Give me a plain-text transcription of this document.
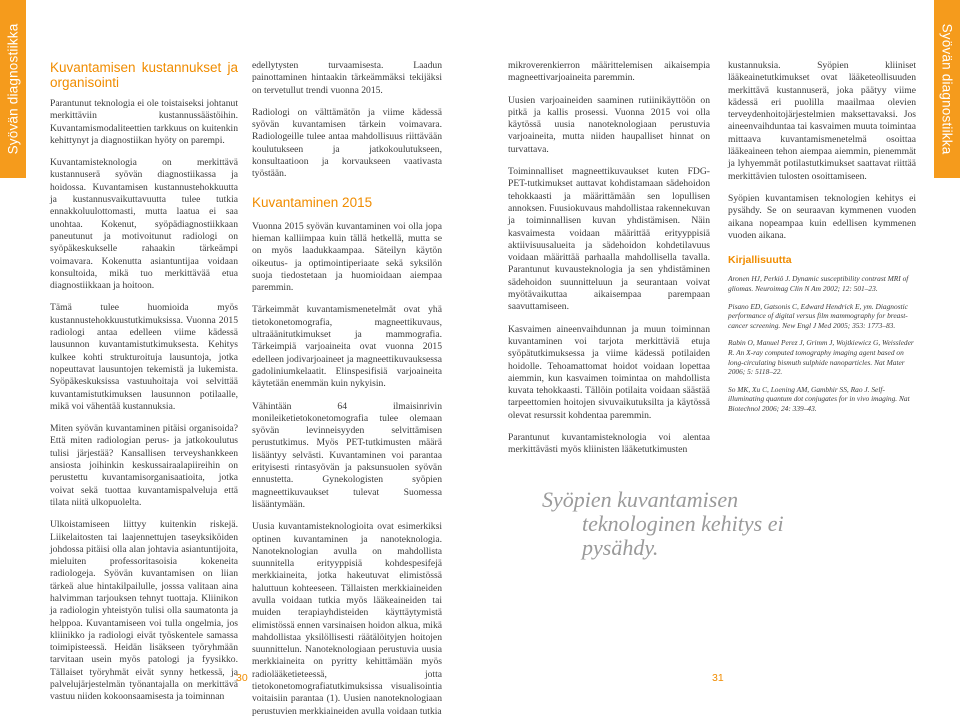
Syövän diagnostiikka	Syövän diagnostiikka
Kuvantamisen kustannukset ja organisointi

Parantunut teknologia ei ole toistaiseksi johtanut merkittäviin kustannussäästöihin. Kuvantamismodaliteettien tarkkuus on kuitenkin kehittynyt ja diagnostiikan hyöty on parempi.

Kuvantamisteknologia on merkittävä kustannuserä syövän diagnostiikassa ja hoidossa. Kuvantamisen kustannustehokkuutta ja kustannusvaikuttavuutta tulee tutkia ennakkoluulottomasti, mutta laatua ei saa unohtaa. Kokenut, syöpädiagnostiikkaan paneutunut ja motivoitunut radiologi on syöpäkeskukselle rahaakin tärkeämpi voimavara. Kokenutta asiantuntijaa voidaan konsultoida, mikä tuo merkittävää etua diagnostiikkaan ja hoitoon.

Tämä tulee huomioida myös kustannustehokkuustutkimuksissa. Vuonna 2015 radiologi antaa edelleen viime kädessä lausunnon kuvantamistutkimuksesta. Kehitys kulkee kohti strukturoituja lausuntoja, jotka nopeuttavat lausuntojen tekemistä ja lukemista. Syöpäkeskuksissa vastuuhoitaja voi selvittää kuvantamistutkimuksen lausunnon potilaalle, mikä voi vähentää kustannuksia.

Miten syövän kuvantaminen pitäisi organisoida? Että miten radiologian perus- ja jatkokoulutus tulisi järjestää? Kansallisen terveyshankkeen ansiosta joihinkin keskussairaalapiireihin on perustettu kuvantamisorganisaatioita, jotka voivat sekä tuottaa kuvantamispalveluja että tilata niitä ulkopuolelta.

Ulkoistamiseen liittyy kuitenkin riskejä. Liikelaitosten tai laajennettujen taseyksiköiden johdossa pitäisi olla alan johtavia asiantuntijoita, mieluiten professoritasoisia kokeneita radiologeja. Syövän kuvantamisen on liian tärkeä alue hintakilpailulle, josssa valitaan aina halvimman tarjouksen tehnyt tuottaja. Kliinikon ja radiologin yhteistyön tulisi olla saumatonta ja helppoa. Kuvantamiseen voi tulla ongelmia, jos kliinikko ja radiologi eivät työskentele samassa toimipisteessä. Heidän lisäkseen työryhmään tarvitaan usein myös patologi ja fyysikko. Tällaiset työryhmät eivät synny hetkessä, ja palvelujärjestelmän työnantajalla on merkittävä vastuu niiden kokoonsaamisesta ja toiminnan

edellytysten turvaamisesta. Laadun painottaminen hintaakin tärkeämmäksi tekijäksi on tervetullut trendi vuonna 2015.

Radiologi on välttämätön ja viime kädessä syövän kuvantamisen tärkein voimavara. Radiologeille tulee antaa mahdollisuus riittävään koulutukseen ja jatkokoulutukseen, konsultaatioon ja korvaukseen vaativasta työstään.

Kuvantaminen 2015

Vuonna 2015 syövän kuvantaminen voi olla jopa hieman kalliimpaa kuin tällä hetkellä, mutta se on myös laadukkaampaa. Säteilyn käytön oikeutus- ja optimointiperiaate sekä syksilön suoja tiedostetaan ja huomioidaan aiempaa paremmin.

Tärkeimmät kuvantamismenetelmät ovat yhä tietokonetomografia, magneettikuvaus, ultraäänitutkimukset ja mammografia. Tärkeimpiä varjoaineita ovat vuonna 2015 edelleen jodivarjoaineet ja magneettikuvauksessa gadoliniumkelaatit. Elinspesifisiä varjoaineita käytetään enemmän kuin nykyisin.

Vähintään 64 ilmaisinrivin monileiketietokonetomografia tulee olemaan syövän levinneisyyden selvittämisen perustutkimus. Myös PET-tutkimusten määrä lisääntyy selvästi. Kuvantaminen voi parantaa erityisesti rintasyövän ja paksunsuolen syövän ennustetta. Gynekologisten syöpien magneettikuvaukset tulevat Suomessa lisääntymään.

Uusia kuvantamisteknologioita ovat esimerkiksi optinen kuvantaminen ja nanoteknologia. Nanoteknologian avulla on mahdollista suunnitella erityyppisiä kohdespesifejä merkkiaineita, jotka hakeutuvat elimistössä haluttuun kohteeseen. Tällaisten merkkiaineiden avulla voidaan tutkia myös lääkeaineiden tai muiden terapiayhdisteiden käyttäytymistä elimistössä ennen varsinaisen hoidon alkua, mikä mahdollistaa yksilöllisesti räätälöityjen hoitojen suunnittelun. Nanoteknologiaan perustuvia uusia merkkiaineita on pyritty kehittämään myös radiolääketieteessä, jotta tietokonetomografiatutkimuksissa visualisointia voitaisiin parantaa (1). Uusien nanoteknologiaan perustuvien merkkiaineiden avulla voidaan tutkia

mikroverenkierron määrittelemisen aikaisempia magneettivarjoaineita paremmin.

Uusien varjoaineiden saaminen rutiinikäyttöön on pitkä ja kallis prosessi. Vuonna 2015 voi olla käytössä uusia nanoteknologiaan perustuvia varjoaineita, mutta niiden haupalliset hinnat on turvattava.

Toiminnalliset magneettikuvaukset kuten FDG-PET-tutkimukset auttavat kohdistamaan sädehoidon tehokkaasti ja määrittämään sen lopullisen annoksen. Fuusiokuvaus mahdollistaa rakennekuvan ja toiminnallisen kuvan yhdistämisen. Näin kasvaimesta voidaan määrittää erityyppisiä aktiivisuusalueita ja sädehoidon kohdetilavuus voidaan määrittää parhaalla mahdollisella tavalla. Parantunut kuvausteknologia ja sen yhdistäminen sädehoidon suunnitteluun ja seurantaan voivat myötävaikuttaa aikaisempaa parempaan saavuttamiseen.

Kasvaimen aineenvaihdunnan ja muun toiminnan kuvantaminen voi tarjota merkittäviä etuja syöpätutkimuksessa ja viime kädessä potilaiden hoidolle. Tehoamattomat hoidot voidaan lopettaa aiemmin, kun kasvaimen toimintaa on mahdollista kuvata tehokkaasti. Tällöin potilaita voidaan säästää tarpeettomien hoitojen sivuvaikutuksilta ja käytössä olevat resurssit kohdentaa paremmin.

Parantunut kuvantamisteknologia voi alentaa merkittävästi myös kliinisten lääketutkimusten

kustannuksia. Syöpien kliiniset lääkeainetutkimukset ovat lääketeollisuuden merkittävä kustannuserä, joka päätyy viime kädessä eri puolilla maailmaa olevien terveydenhoitojärjestelmien maksettavaksi. Jos aineenvaihduntaa tai kasvaimen muuta toimintaa mittaava kuvantamismenetelmä osoittaa lääkeaineen tehon aiempaa aiemmin, pienemmät ja lyhyemmät potilastutkimukset saattavat riittää merkittävien tulosten osoittamiseen.

Syöpien kuvantamisen teknologien kehitys ei pysähdy. Se on seuraavan kymmenen vuoden aikana nopeampaa kuin edellisen kymmenen vuoden aikana.

Kirjallisuutta

Aronen HJ, Perkiö J. Dynamic susceptibility contrast MRI of gliomas. Neuroimag Clin N Am 2002; 12: 501–23.

Pisano ED, Gatsonis C, Edward Hendrick E, ym. Diagnostic performance of digital versus film mammography for breast-cancer screening. New Engl J Med 2005; 353: 1773–83.

Rabin O, Manuel Perez J, Grimm J, Wojtkiewicz G, Weissleder R. An X-ray computed tomography imaging agent based on long-circulating bismuth sulphide nanoparticles. Nat Mater 2006; 5: 5118–22.

So MK, Xu C, Loening AM, Gambhir SS, Rao J. Self-illuminating quantum dot conjugates for in vivo imaging. Nat Biotechnol 2006; 24: 339–43.

Syöpien kuvantamisen
teknologinen kehitys ei pysähdy.
30	31
